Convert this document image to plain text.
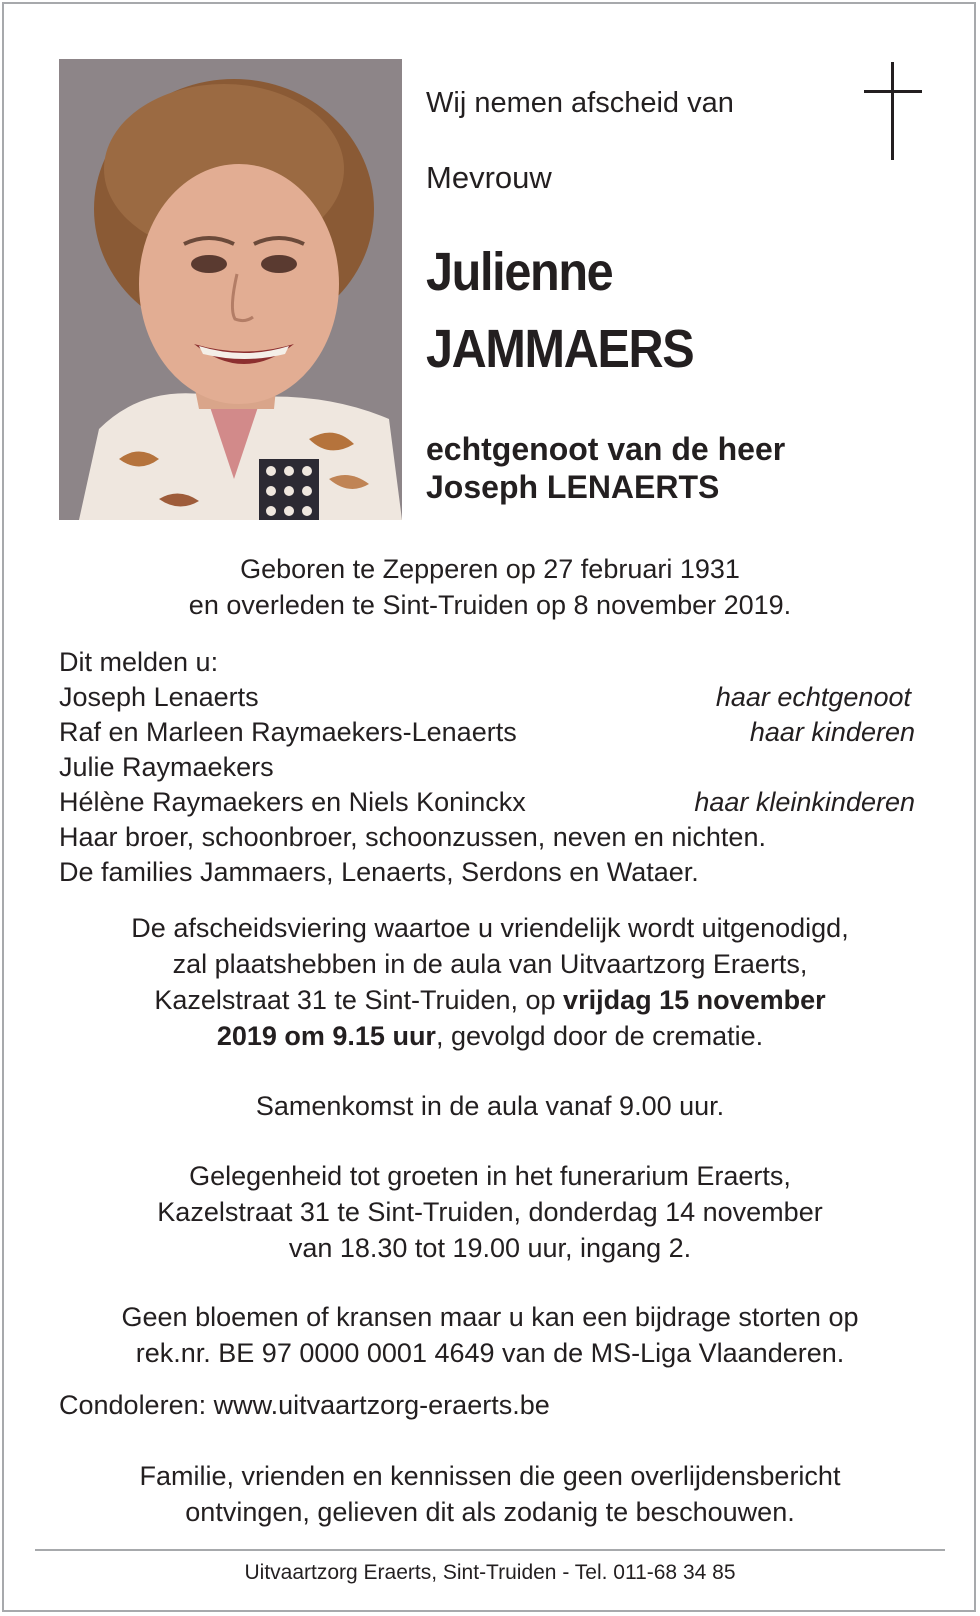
Wij nemen afscheid van
Mevrouw
Julienne
JAMMAERS
echtgenoot van de heer
Joseph LENAERTS
Geboren te Zepperen op 27 februari 1931
en overleden te Sint-Truiden op 8 november 2019.
Dit melden u:
Joseph Lenaerts	haar echtgenoot
Raf en Marleen Raymaekers-Lenaerts	haar kinderen
Julie Raymaekers
Hélène Raymaekers en Niels Koninckx	haar kleinkinderen
Haar broer, schoonbroer, schoonzussen, neven en nichten.
De families Jammaers, Lenaerts, Serdons en Wataer.
De afscheidsviering waartoe u vriendelijk wordt uitgenodigd,
zal plaatshebben in de aula van Uitvaartzorg Eraerts,
Kazelstraat 31 te Sint-Truiden, op vrijdag 15 november
2019 om 9.15 uur, gevolgd door de crematie.
Samenkomst in de aula vanaf 9.00 uur.
Gelegenheid tot groeten in het funerarium Eraerts,
Kazelstraat 31 te Sint-Truiden, donderdag 14 november
van 18.30 tot 19.00 uur, ingang 2.
Geen bloemen of kransen maar u kan een bijdrage storten op
rek.nr. BE 97 0000 0001 4649 van de MS-Liga Vlaanderen.
Condoleren: www.uitvaartzorg-eraerts.be
Familie, vrienden en kennissen die geen overlijdensbericht
ontvingen, gelieven dit als zodanig te beschouwen.
Uitvaartzorg Eraerts, Sint-Truiden - Tel. 011-68 34 85
